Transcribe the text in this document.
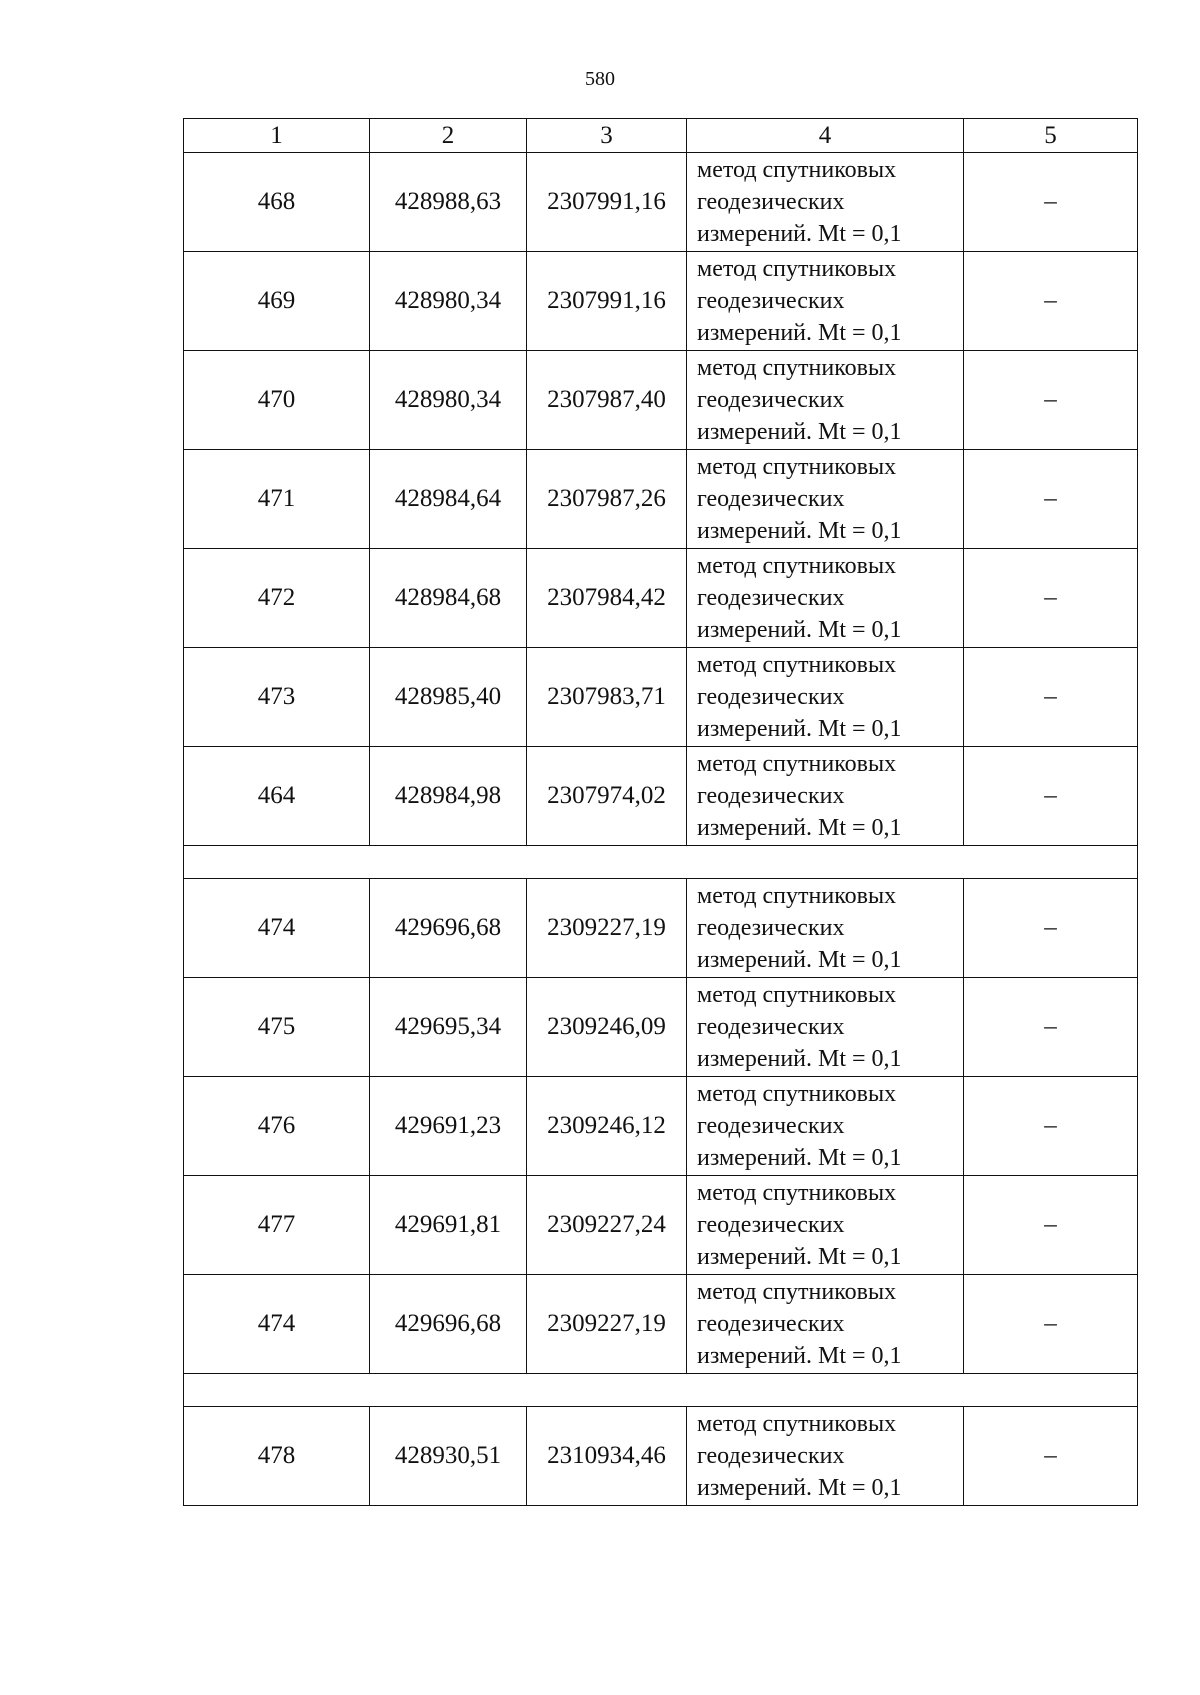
580
1	2	3	4	5
468	428988,63	2307991,16	метод спутниковых
геодезических
измерений. Mt = 0,1	–
469	428980,34	2307991,16	метод спутниковых
геодезических
измерений. Mt = 0,1	–
470	428980,34	2307987,40	метод спутниковых
геодезических
измерений. Mt = 0,1	–
471	428984,64	2307987,26	метод спутниковых
геодезических
измерений. Mt = 0,1	–
472	428984,68	2307984,42	метод спутниковых
геодезических
измерений. Mt = 0,1	–
473	428985,40	2307983,71	метод спутниковых
геодезических
измерений. Mt = 0,1	–
464	428984,98	2307974,02	метод спутниковых
геодезических
измерений. Mt = 0,1	–

474	429696,68	2309227,19	метод спутниковых
геодезических
измерений. Mt = 0,1	–
475	429695,34	2309246,09	метод спутниковых
геодезических
измерений. Mt = 0,1	–
476	429691,23	2309246,12	метод спутниковых
геодезических
измерений. Mt = 0,1	–
477	429691,81	2309227,24	метод спутниковых
геодезических
измерений. Mt = 0,1	–
474	429696,68	2309227,19	метод спутниковых
геодезических
измерений. Mt = 0,1	–

478	428930,51	2310934,46	метод спутниковых
геодезических
измерений. Mt = 0,1	–
